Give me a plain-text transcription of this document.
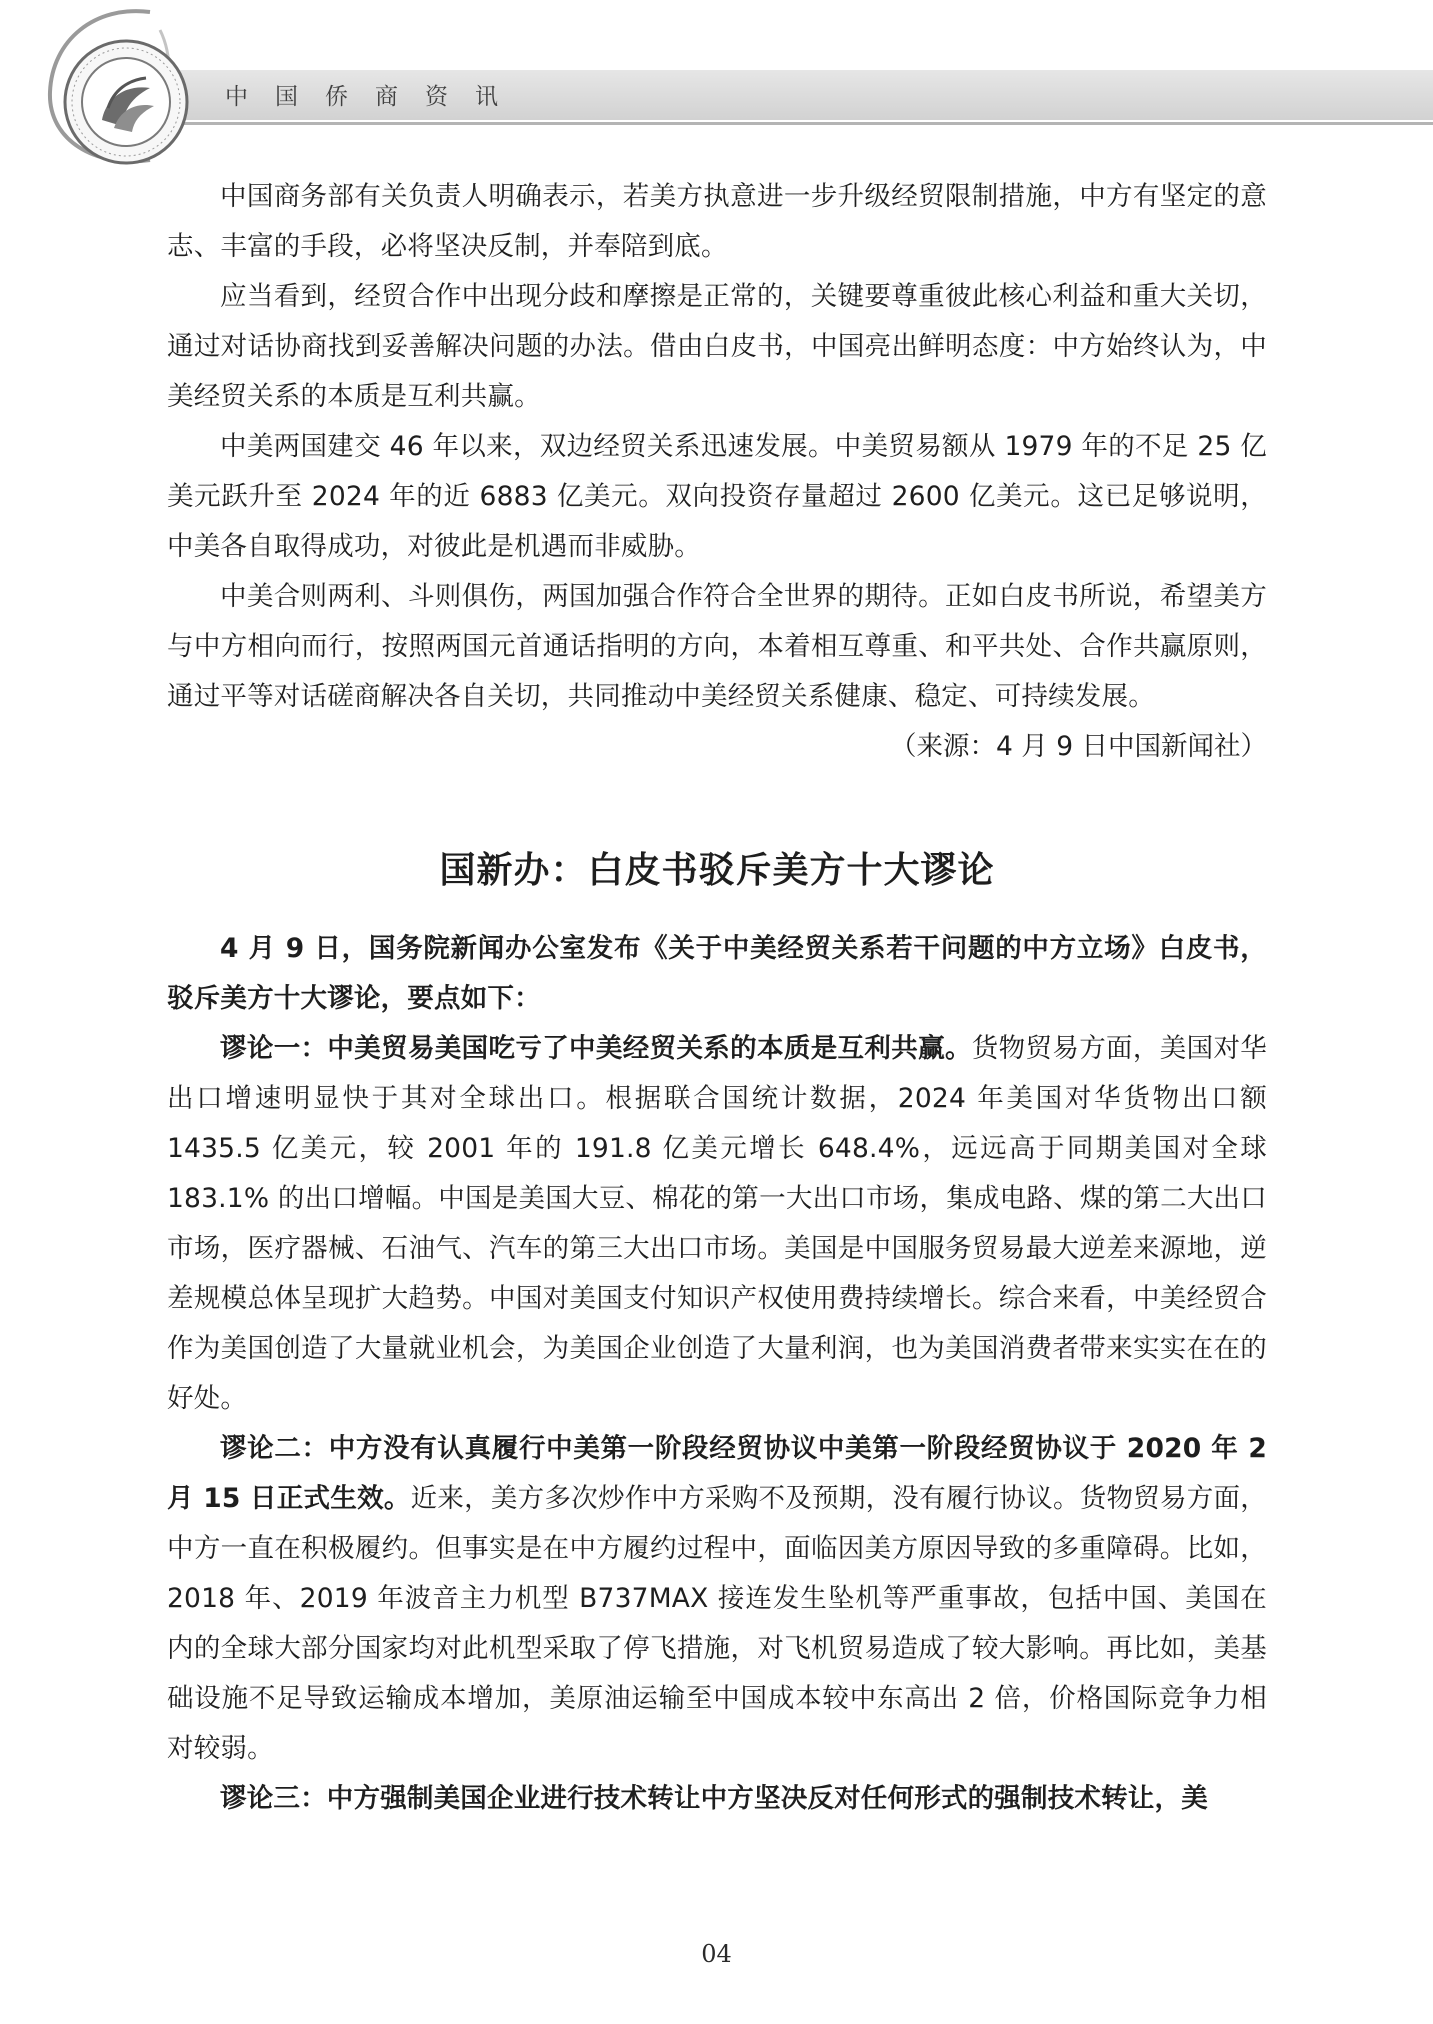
中国侨商资讯

中国商务部有关负责人明确表示，若美方执意进一步升级经贸限制措施，中方有坚定的意志、丰富的手段，必将坚决反制，并奉陪到底。

应当看到，经贸合作中出现分歧和摩擦是正常的，关键要尊重彼此核心利益和重大关切，通过对话协商找到妥善解决问题的办法。借由白皮书，中国亮出鲜明态度：中方始终认为，中美经贸关系的本质是互利共赢。

中美两国建交 46 年以来，双边经贸关系迅速发展。中美贸易额从 1979 年的不足 25 亿美元跃升至 2024 年的近 6883 亿美元。双向投资存量超过 2600 亿美元。这已足够说明，中美各自取得成功，对彼此是机遇而非威胁。

中美合则两利、斗则俱伤，两国加强合作符合全世界的期待。正如白皮书所说，希望美方与中方相向而行，按照两国元首通话指明的方向，本着相互尊重、和平共处、合作共赢原则，通过平等对话磋商解决各自关切，共同推动中美经贸关系健康、稳定、可持续发展。

（来源：4 月 9 日中国新闻社）

国新办：白皮书驳斥美方十大谬论

4 月 9 日，国务院新闻办公室发布《关于中美经贸关系若干问题的中方立场》白皮书，驳斥美方十大谬论，要点如下：

谬论一：中美贸易美国吃亏了中美经贸关系的本质是互利共赢。货物贸易方面，美国对华出口增速明显快于其对全球出口。根据联合国统计数据，2024 年美国对华货物出口额 1435.5 亿美元，较 2001 年的 191.8 亿美元增长 648.4%，远远高于同期美国对全球 183.1% 的出口增幅。中国是美国大豆、棉花的第一大出口市场，集成电路、煤的第二大出口市场，医疗器械、石油气、汽车的第三大出口市场。美国是中国服务贸易最大逆差来源地，逆差规模总体呈现扩大趋势。中国对美国支付知识产权使用费持续增长。综合来看，中美经贸合作为美国创造了大量就业机会，为美国企业创造了大量利润，也为美国消费者带来实实在在的好处。

谬论二：中方没有认真履行中美第一阶段经贸协议中美第一阶段经贸协议于 2020 年 2 月 15 日正式生效。近来，美方多次炒作中方采购不及预期，没有履行协议。货物贸易方面，中方一直在积极履约。但事实是在中方履约过程中，面临因美方原因导致的多重障碍。比如，2018 年、2019 年波音主力机型 B737MAX 接连发生坠机等严重事故，包括中国、美国在内的全球大部分国家均对此机型采取了停飞措施，对飞机贸易造成了较大影响。再比如，美基础设施不足导致运输成本增加，美原油运输至中国成本较中东高出 2 倍，价格国际竞争力相对较弱。

谬论三：中方强制美国企业进行技术转让中方坚决反对任何形式的强制技术转让，美

04
